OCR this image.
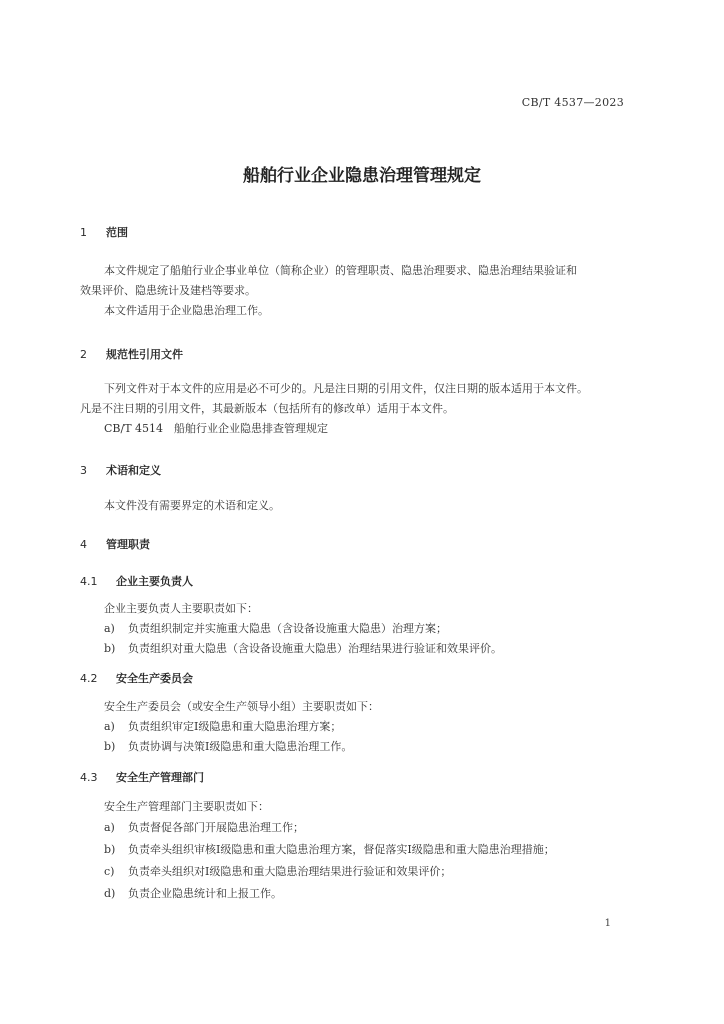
CB/T 4537—2023
船舶行业企业隐患治理管理规定
1 范围
本文件规定了船舶行业企事业单位（简称企业）的管理职责、隐患治理要求、隐患治理结果验证和
效果评价、隐患统计及建档等要求。
本文件适用于企业隐患治理工作。
2 规范性引用文件
下列文件对于本文件的应用是必不可少的。凡是注日期的引用文件，仅注日期的版本适用于本文件。
凡是不注日期的引用文件，其最新版本（包括所有的修改单）适用于本文件。
CB/T 4514　船舶行业企业隐患排查管理规定
3 术语和定义
本文件没有需要界定的术语和定义。
4 管理职责
4.1 企业主要负责人
企业主要负责人主要职责如下：
a) 负责组织制定并实施重大隐患（含设备设施重大隐患）治理方案；
b) 负责组织对重大隐患（含设备设施重大隐患）治理结果进行验证和效果评价。
4.2 安全生产委员会
安全生产委员会（或安全生产领导小组）主要职责如下：
a) 负责组织审定Ⅰ级隐患和重大隐患治理方案；
b) 负责协调与决策Ⅰ级隐患和重大隐患治理工作。
4.3 安全生产管理部门
安全生产管理部门主要职责如下：
a) 负责督促各部门开展隐患治理工作；
b) 负责牵头组织审核Ⅰ级隐患和重大隐患治理方案，督促落实Ⅰ级隐患和重大隐患治理措施；
c) 负责牵头组织对Ⅰ级隐患和重大隐患治理结果进行验证和效果评价；
d) 负责企业隐患统计和上报工作。
1
